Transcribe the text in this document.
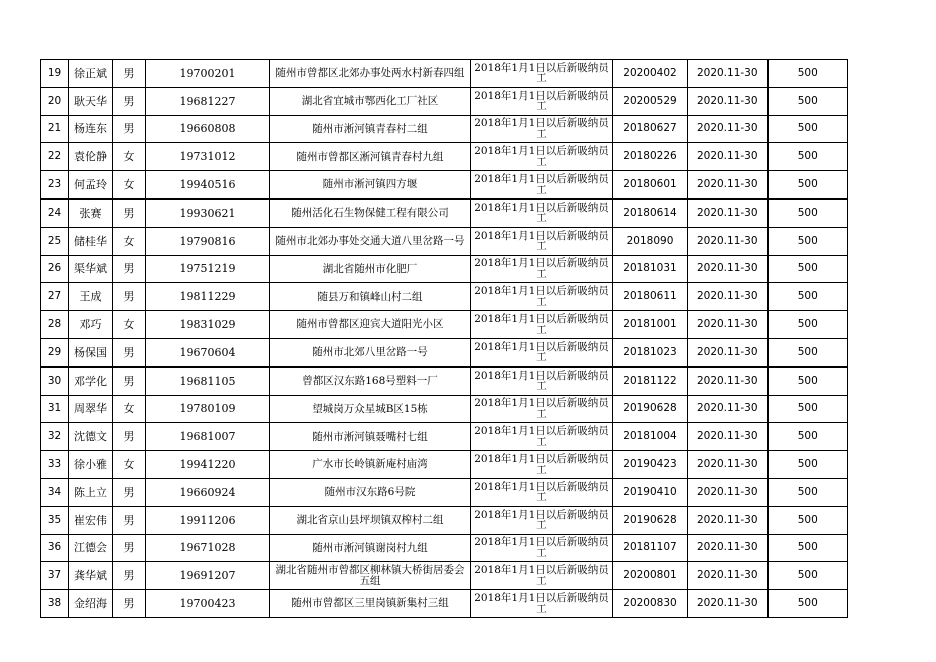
19	徐正斌	男	19700201	随州市曾都区北郊办事处两水村新春四组	2018年1月1日以后新吸纳员工	20200402	2020.11-30	500
20	耿天华	男	19681227	湖北省宜城市鄂西化工厂社区	2018年1月1日以后新吸纳员工	20200529	2020.11-30	500
21	杨连东	男	19660808	随州市淅河镇青春村二组	2018年1月1日以后新吸纳员工	20180627	2020.11-30	500
22	袁伦静	女	19731012	随州市曾都区淅河镇青春村九组	2018年1月1日以后新吸纳员工	20180226	2020.11-30	500
23	何孟玲	女	19940516	随州市淅河镇四方堰	2018年1月1日以后新吸纳员工	20180601	2020.11-30	500
24	张赛	男	19930621	随州活化石生物保健工程有限公司	2018年1月1日以后新吸纳员工	20180614	2020.11-30	500
25	储桂华	女	19790816	随州市北郊办事处交通大道八里岔路一号	2018年1月1日以后新吸纳员工	2018090	2020.11-30	500
26	渠华斌	男	19751219	湖北省随州市化肥厂	2018年1月1日以后新吸纳员工	20181031	2020.11-30	500
27	王成	男	19811229	随县万和镇峰山村二组	2018年1月1日以后新吸纳员工	20180611	2020.11-30	500
28	邓巧	女	19831029	随州市曾都区迎宾大道阳光小区	2018年1月1日以后新吸纳员工	20181001	2020.11-30	500
29	杨保国	男	19670604	随州市北郊八里岔路一号	2018年1月1日以后新吸纳员工	20181023	2020.11-30	500
30	邓学化	男	19681105	曾都区汉东路168号塑料一厂	2018年1月1日以后新吸纳员工	20181122	2020.11-30	500
31	周翠华	女	19780109	望城岗万众星城B区15栋	2018年1月1日以后新吸纳员工	20190628	2020.11-30	500
32	沈德文	男	19681007	随州市淅河镇聂嘴村七组	2018年1月1日以后新吸纳员工	20181004	2020.11-30	500
33	徐小雅	女	19941220	广水市长岭镇新庵村庙湾	2018年1月1日以后新吸纳员工	20190423	2020.11-30	500
34	陈上立	男	19660924	随州市汉东路6号院	2018年1月1日以后新吸纳员工	20190410	2020.11-30	500
35	崔宏伟	男	19911206	湖北省京山县坪坝镇双榨村二组	2018年1月1日以后新吸纳员工	20190628	2020.11-30	500
36	江德会	男	19671028	随州市淅河镇谢岗村九组	2018年1月1日以后新吸纳员工	20181107	2020.11-30	500
37	龚华斌	男	19691207	湖北省随州市曾都区柳林镇大桥街居委会五组	2018年1月1日以后新吸纳员工	20200801	2020.11-30	500
38	金绍海	男	19700423	随州市曾都区三里岗镇新集村三组	2018年1月1日以后新吸纳员工	20200830	2020.11-30	500
